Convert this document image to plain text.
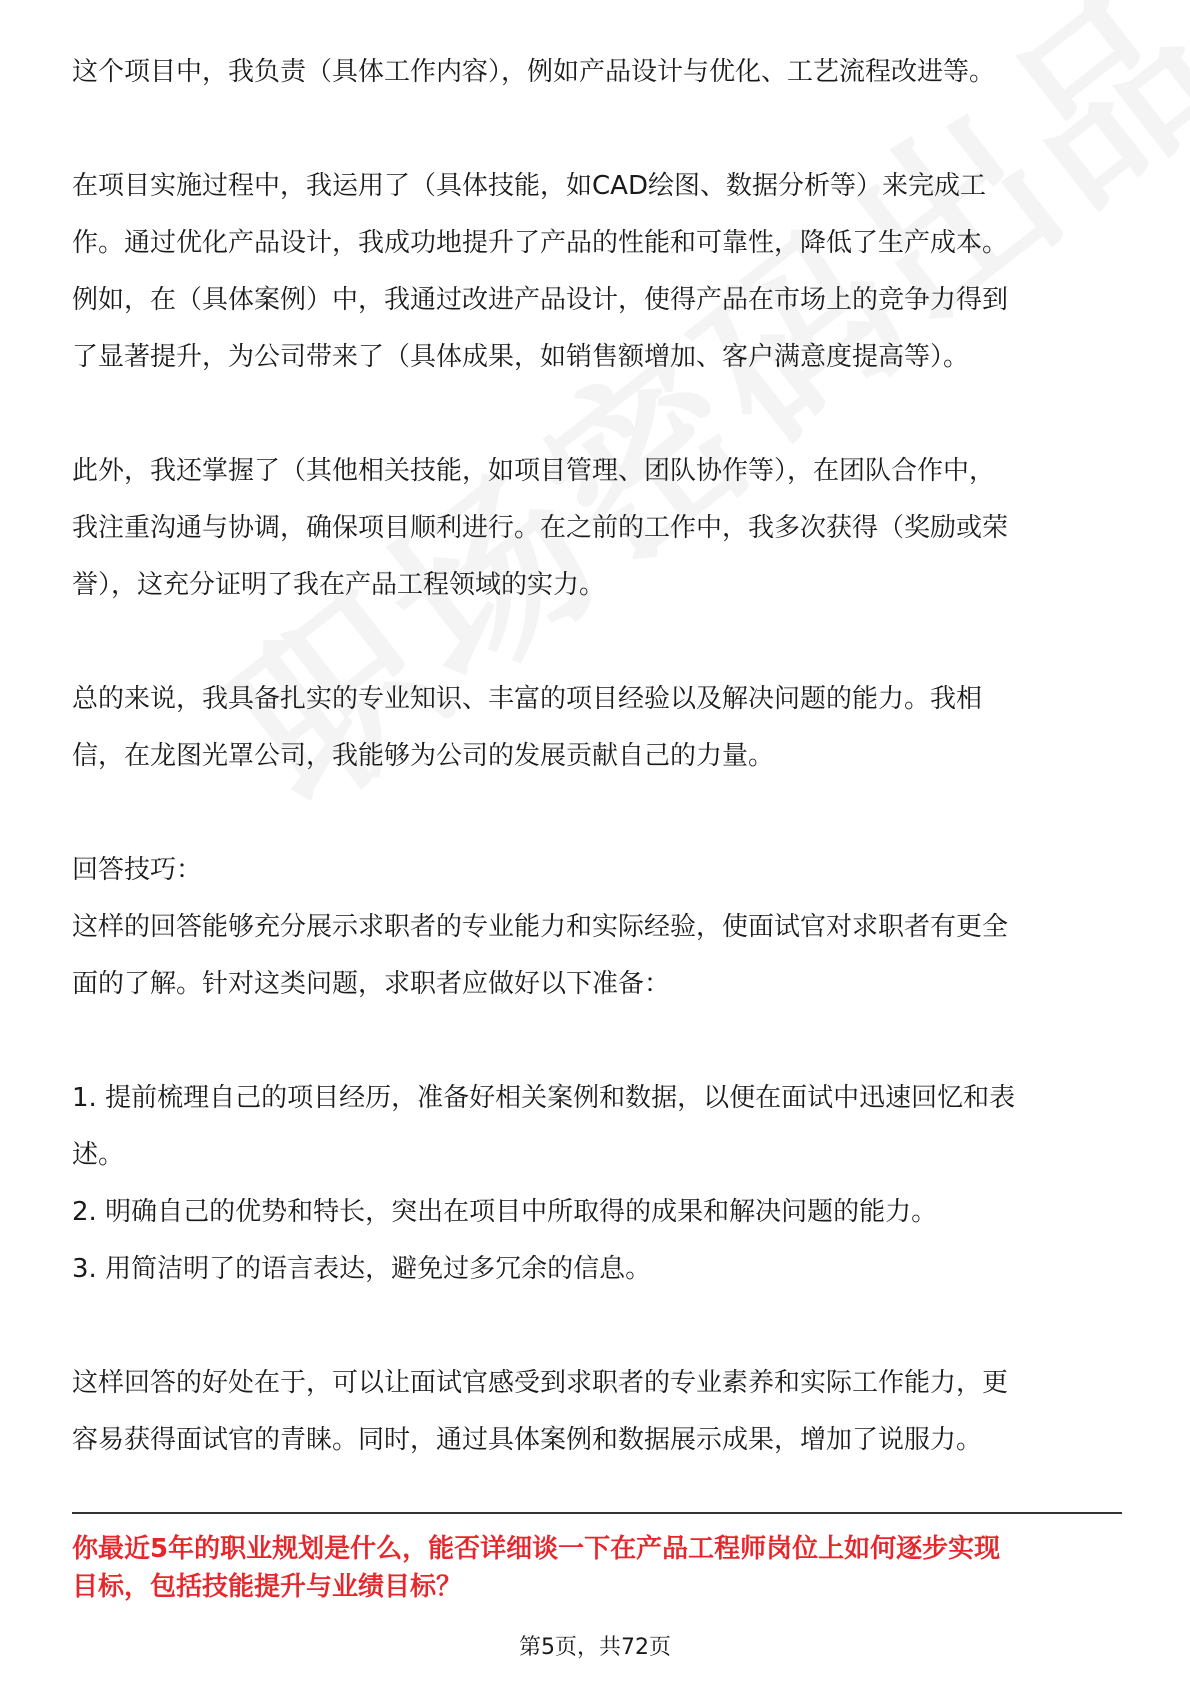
这个项目中，我负责（具体工作内容），例如产品设计与优化、工艺流程改进等。

在项目实施过程中，我运用了（具体技能，如CAD绘图、数据分析等）来完成工
作。通过优化产品设计，我成功地提升了产品的性能和可靠性，降低了生产成本。
例如，在（具体案例）中，我通过改进产品设计，使得产品在市场上的竞争力得到
了显著提升，为公司带来了（具体成果，如销售额增加、客户满意度提高等）。

此外，我还掌握了（其他相关技能，如项目管理、团队协作等），在团队合作中，
我注重沟通与协调，确保项目顺利进行。在之前的工作中，我多次获得（奖励或荣
誉），这充分证明了我在产品工程领域的实力。

总的来说，我具备扎实的专业知识、丰富的项目经验以及解决问题的能力。我相
信，在龙图光罩公司，我能够为公司的发展贡献自己的力量。

回答技巧：

这样的回答能够充分展示求职者的专业能力和实际经验，使面试官对求职者有更全
面的了解。针对这类问题，求职者应做好以下准备：

1. 提前梳理自己的项目经历，准备好相关案例和数据，以便在面试中迅速回忆和表
述。

2. 明确自己的优势和特长，突出在项目中所取得的成果和解决问题的能力。

3. 用简洁明了的语言表达，避免过多冗余的信息。

这样回答的好处在于，可以让面试官感受到求职者的专业素养和实际工作能力，更
容易获得面试官的青睐。同时，通过具体案例和数据展示成果，增加了说服力。

你最近5年的职业规划是什么，能否详细谈一下在产品工程师岗位上如何逐步实现
目标，包括技能提升与业绩目标？

第5页，共72页
